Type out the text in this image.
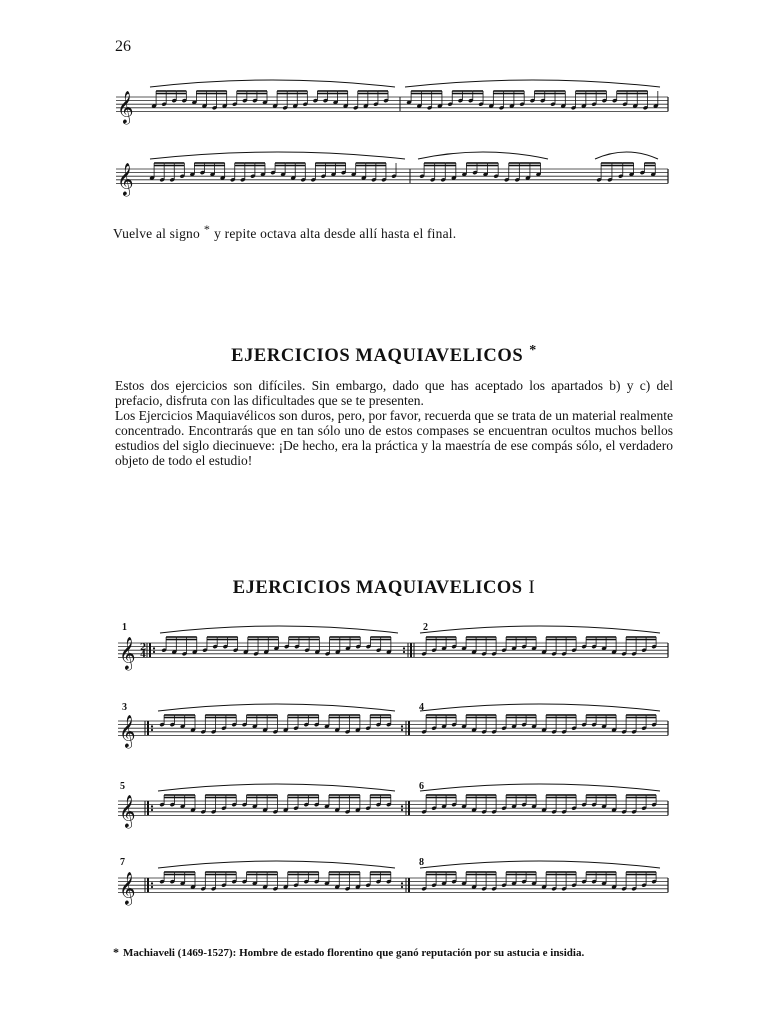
26
𝄞
𝄞
𝄞 2
4
𝄞
𝄞
𝄞
Vuelve al signo * y repite octava alta desde allí hasta el final.
EJERCICIOS MAQUIAVELICOS *

Estos dos ejercicios son difíciles. Sin embargo, dado que has aceptado los apartados b) y c) del prefacio, disfruta con las dificultades que se te presenten.

Los Ejercicios Maquiavélicos son duros, pero, por favor, recuerda que se trata de un material realmente concentrado. Encontrarás que en tan sólo uno de estos compases se encuentran ocultos muchos bellos estudios del siglo diecinueve: ¡De hecho, era la práctica y la maestría de ese compás sólo, el verdadero objeto de todo el estudio!

EJERCICIOS MAQUIAVELICOS I
1	2
3	4
5	6
7	8
* Machiaveli (1469-1527): Hombre de estado florentino que ganó reputación por su astucia e insidia.
